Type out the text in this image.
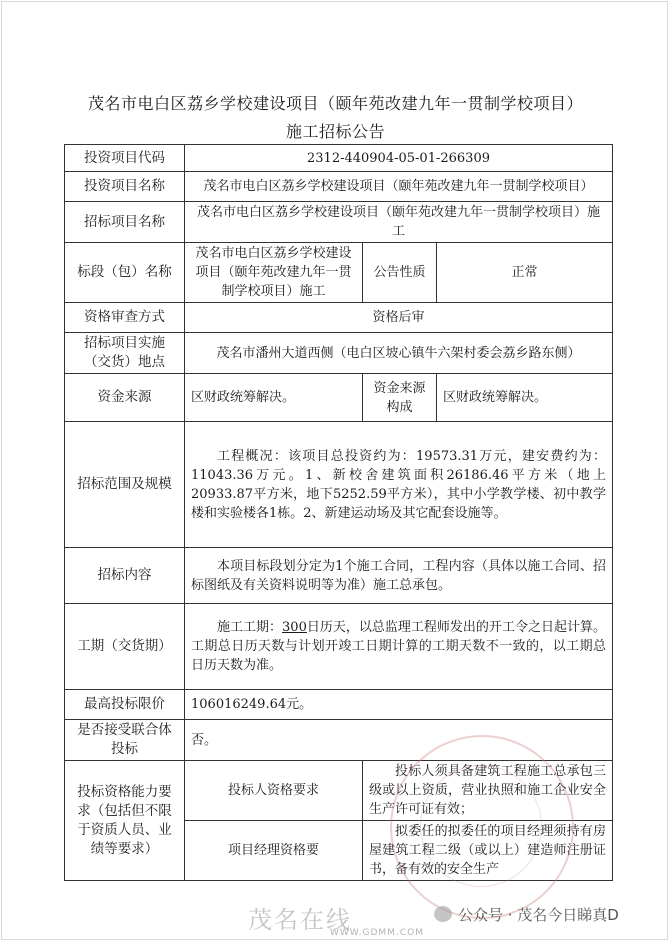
茂名市电白区荔乡学校建设项目（颐年苑改建九年一贯制学校项目）
施工招标公告
投资项目代码	2312-440904-05-01-266309		
投资项目名称	茂名市电白区荔乡学校建设项目（颐年苑改建九年一贯制学校项目）		
招标项目名称	茂名市电白区荔乡学校建设项目（颐年苑改建九年一贯制学校项目）施工		
标段（包）名称	茂名市电白区荔乡学校建设项目（颐年苑改建九年一贯制学校项目）施工	公告性质	正常
资格审查方式	资格后审		
招标项目实施（交货）地点	茂名市潘州大道西侧（电白区坡心镇牛六架村委会荔乡路东侧）		
资金来源	区财政统筹解决。	资金来源构成	区财政统筹解决。
招标范围及规模	工程概况：该项目总投资约为：19573.31万元，建安费约为：11043.36万元。1、新校舍建筑面积26186.46平方米（地上20933.87平方米，地下5252.59平方米），其中小学教学楼、初中教学楼和实验楼各1栋。2、新建运动场及其它配套设施等。		
招标内容	本项目标段划分定为1个施工合同，工程内容（具体以施工合同、招标图纸及有关资料说明等为准）施工总承包。		
工期（交货期）	施工工期：300日历天，以总监理工程师发出的开工令之日起计算。工期总日历天数与计划开竣工日期计算的工期天数不一致的，以工期总日历天数为准。		
最高投标限价	106016249.64元。		
是否接受联合体投标	否。		
投标资格能力要求（包括但不限于资质人员、业绩等要求）	投标人资格要求	投标人须具备建筑工程施工总承包三级或以上资质，营业执照和施工企业安全生产许可证有效；	
	项目经理资格要	拟委任的拟委任的项目经理须持有房屋建筑工程二级（或以上）建造师注册证书，备有效的安全生产	
茂名在线
WWW.GDMM.COM
公众号 · 茂名今日睇真D
